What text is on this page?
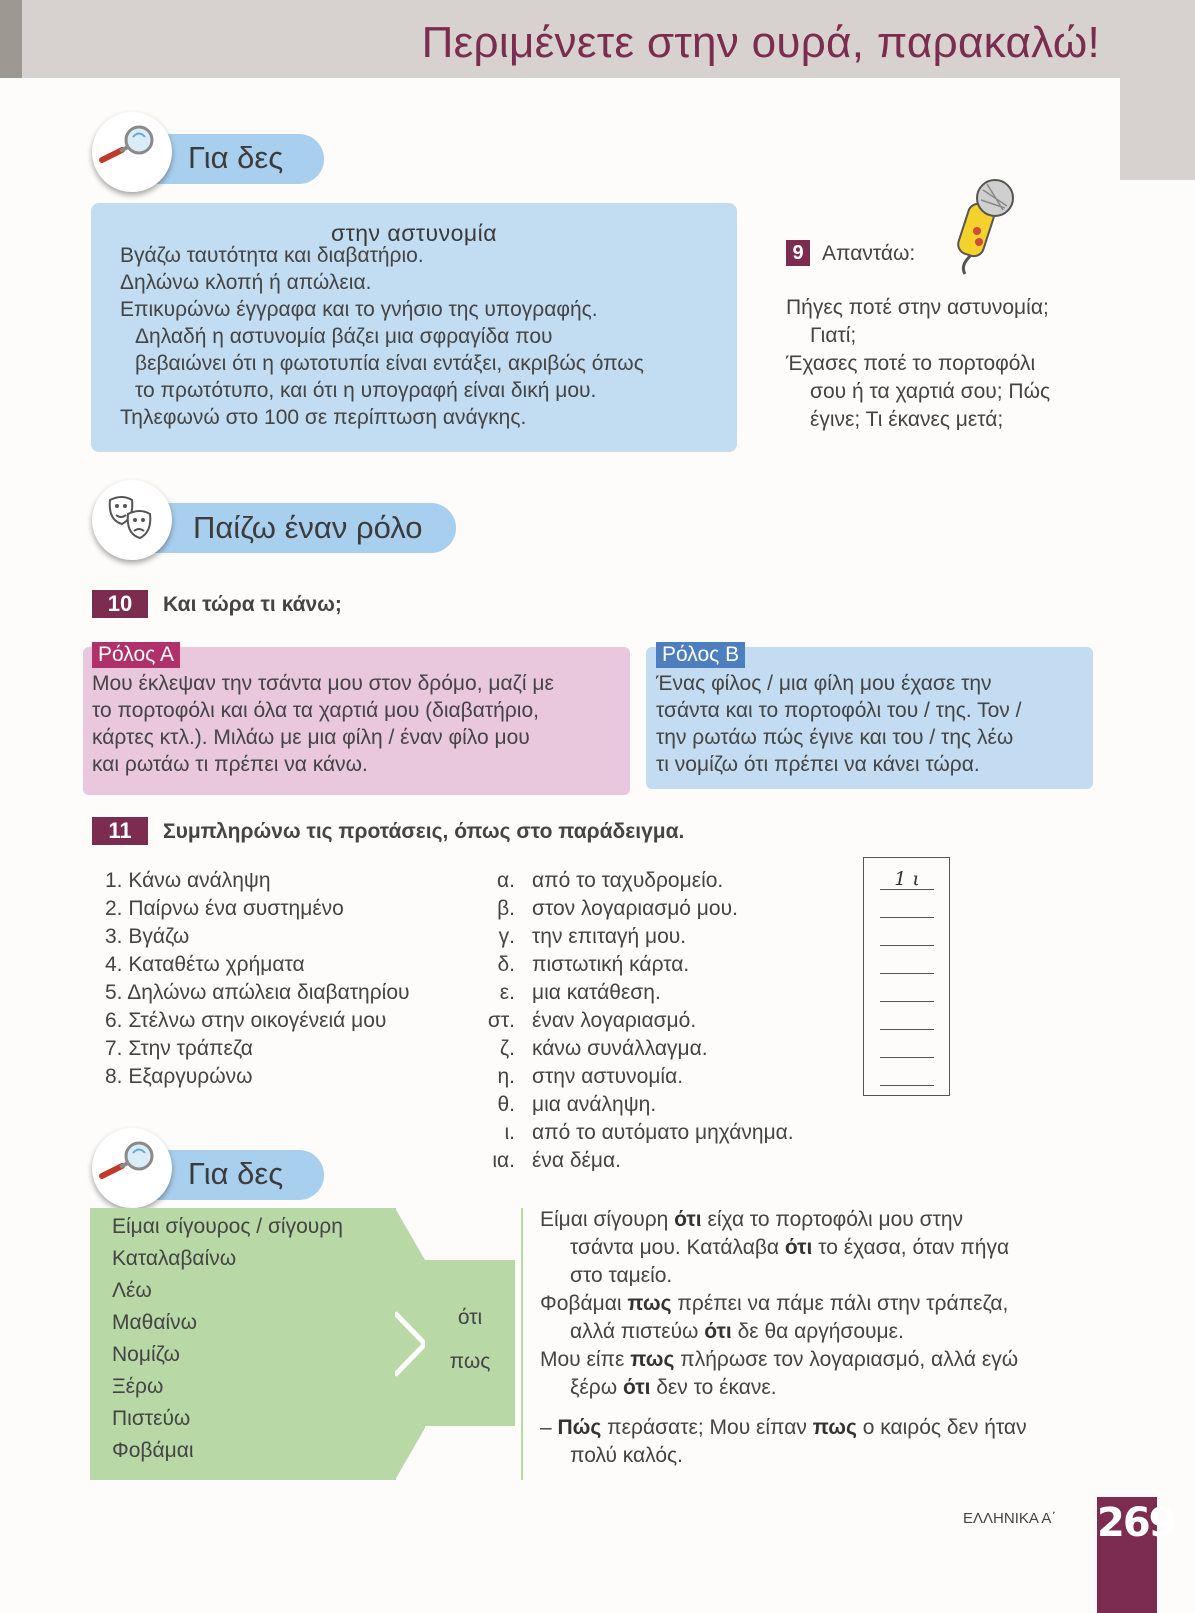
Περιμένετε στην ουρά, παρακαλώ!
Για δες
στην αστυνομία
Βγάζω ταυτότητα και διαβατήριο.
Δηλώνω κλοπή ή απώλεια.
Επικυρώνω έγγραφα και το γνήσιο της υπογραφής.
Δηλαδή η αστυνομία βάζει μια σφραγίδα που
βεβαιώνει ότι η φωτοτυπία είναι εντάξει, ακριβώς όπως
το πρωτότυπο, και ότι η υπογραφή είναι δική μου.
Τηλεφωνώ στο 100 σε περίπτωση ανάγκης.
9 Απαντάω:
Πήγες ποτέ στην αστυνομία;
Γιατί;
Έχασες ποτέ το πορτοφόλι
σου ή τα χαρτιά σου; Πώς
έγινε; Τι έκανες μετά;
Παίζω έναν ρόλο
10	Και τώρα τι κάνω;
Ρόλος Α
Μου έκλεψαν την τσάντα μου στον δρόμο, μαζί με
το πορτοφόλι και όλα τα χαρτιά μου (διαβατήριο,
κάρτες κτλ.). Μιλάω με μια φίλη / έναν φίλο μου
και ρωτάω τι πρέπει να κάνω.
Ρόλος Β
Ένας φίλος / μια φίλη μου έχασε την
τσάντα και το πορτοφόλι του / της. Τον /
την ρωτάω πώς έγινε και του / της λέω
τι νομίζω ότι πρέπει να κάνει τώρα.
11	Συμπληρώνω τις προτάσεις, όπως στο παράδειγμα.
1. Κάνω ανάληψη
2. Παίρνω ένα συστημένο
3. Βγάζω
4. Καταθέτω χρήματα
5. Δηλώνω απώλεια διαβατηρίου
6. Στέλνω στην οικογένειά μου
7. Στην τράπεζα
8. Εξαργυρώνω
α. από το ταχυδρομείο.
β. στον λογαριασμό μου.
γ. την επιταγή μου.
δ. πιστωτική κάρτα.
ε. μια κατάθεση.
στ. έναν λογαριασμό.
ζ. κάνω συνάλλαγμα.
η. στην αστυνομία.
θ. μια ανάληψη.
ι. από το αυτόματο μηχάνημα.
ια. ένα δέμα.
1 ι
Για δες
Είμαι σίγουρος / σίγουρη
Καταλαβαίνω
Λέω
Μαθαίνω
Νομίζω
Ξέρω
Πιστεύω
Φοβάμαι
ότι
πως
Είμαι σίγουρη ότι είχα το πορτοφόλι μου στην
τσάντα μου. Κατάλαβα ότι το έχασα, όταν πήγα
στο ταμείο.
Φοβάμαι πως πρέπει να πάμε πάλι στην τράπεζα,
αλλά πιστεύω ότι δε θα αργήσουμε.
Μου είπε πως πλήρωσε τον λογαριασμό, αλλά εγώ
ξέρω ότι δεν το έκανε.
– Πώς περάσατε; Μου είπαν πως ο καιρός δεν ήταν
πολύ καλός.
ΕΛΛΗΝΙΚΑ Α΄ 269
